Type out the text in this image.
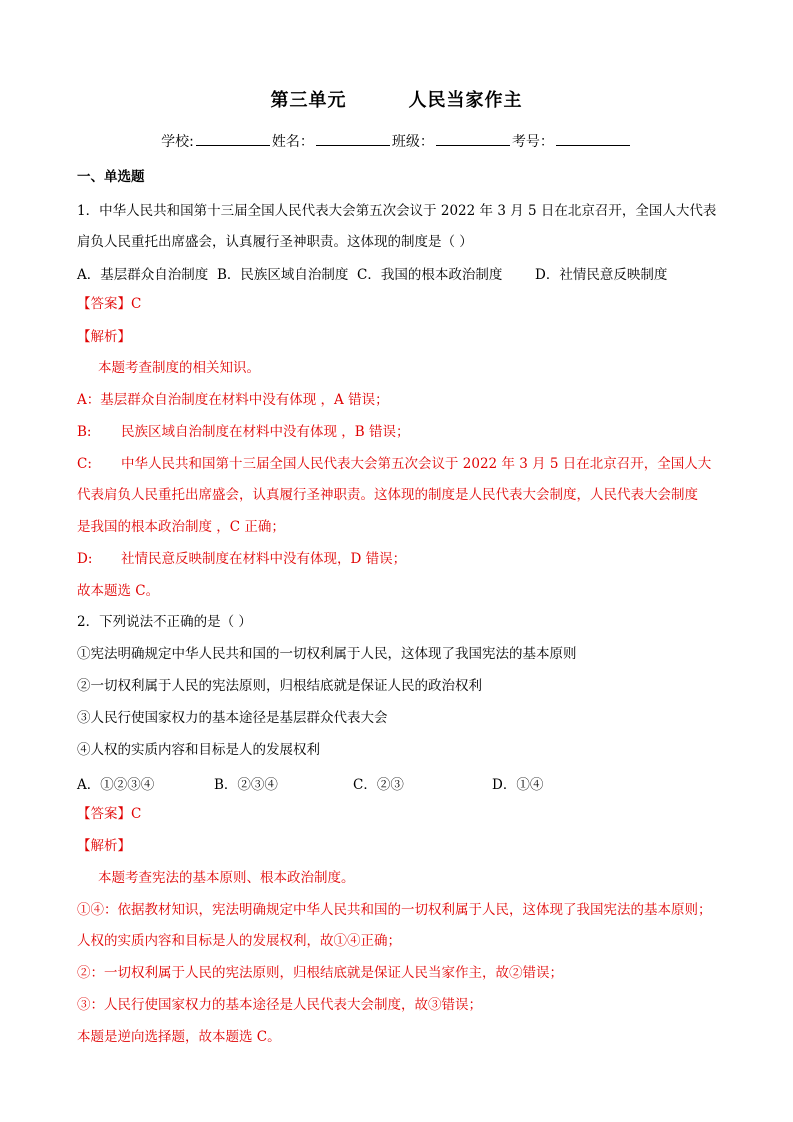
第三单元	人民当家作主
学校:	姓名：	班级：	考号：
一、单选题
1．中华人民共和国第十三届全国人民代表大会第五次会议于 2022 年 3 月 5 日在北京召开，全国人大代表
肩负人民重托出席盛会，认真履行圣神职责。这体现的制度是（ ）
A．基层群众自治制度 B．民族区域自治制度 C．我国的根本政治制度 D．社情民意反映制度
【答案】C
【解析】
本题考查制度的相关知识。
A：基层群众自治制度在材料中没有体现 ，A 错误；
B: 民族区域自治制度在材料中没有体现 ，B 错误；
C: 中华人民共和国第十三届全国人民代表大会第五次会议于 2022 年 3 月 5 日在北京召开，全国人大
代表肩负人民重托出席盛会，认真履行圣神职责。这体现的制度是人民代表大会制度，人民代表大会制度
是我国的根本政治制度 ，C 正确；
D: 社情民意反映制度在材料中没有体现，D 错误；
故本题选 C。
2．下列说法不正确的是（ ）
①宪法明确规定中华人民共和国的一切权利属于人民，这体现了我国宪法的基本原则
②一切权利属于人民的宪法原则，归根结底就是保证人民的政治权利
③人民行使国家权力的基本途径是基层群众代表大会
④人权的实质内容和目标是人的发展权利
A．①②③④	B．②③④	C．②③	D．①④
【答案】C
【解析】
本题考查宪法的基本原则、根本政治制度。
①④：依据教材知识，宪法明确规定中华人民共和国的一切权利属于人民，这体现了我国宪法的基本原则；
人权的实质内容和目标是人的发展权利，故①④正确；
②：一切权利属于人民的宪法原则，归根结底就是保证人民当家作主，故②错误；
③：人民行使国家权力的基本途径是人民代表大会制度，故③错误；
本题是逆向选择题，故本题选 C。
